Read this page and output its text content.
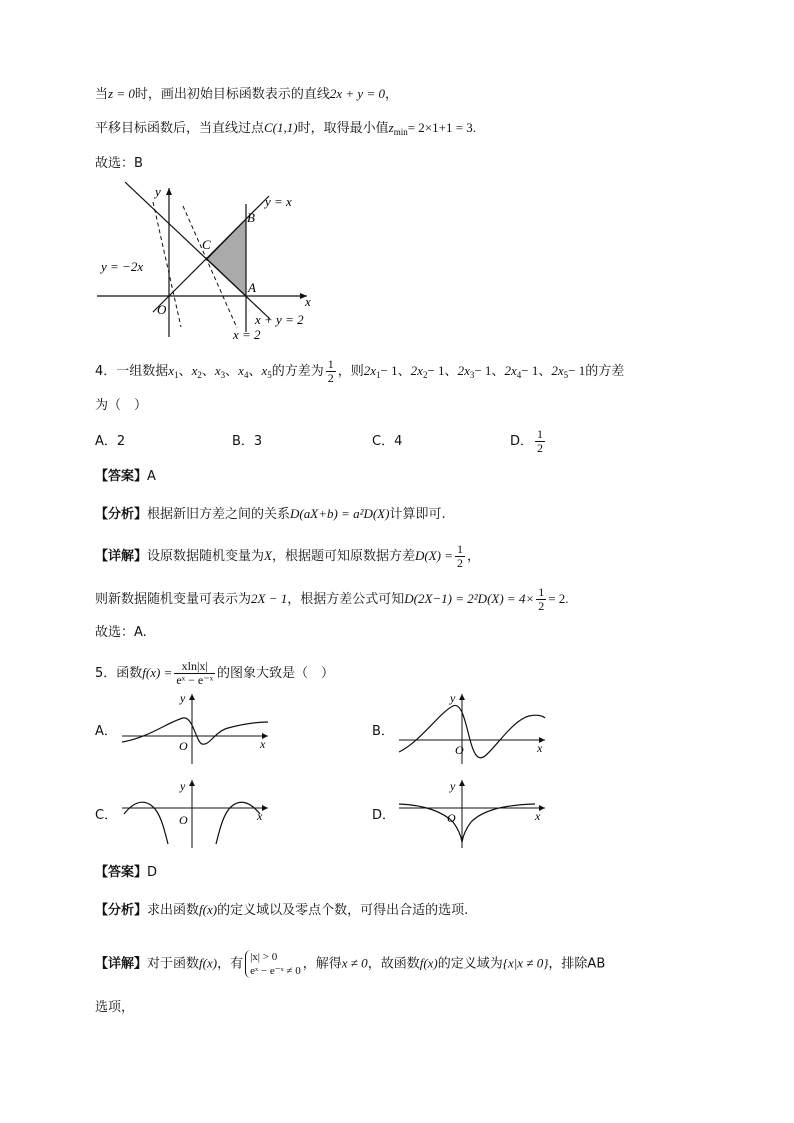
当z = 0时，画出初始目标函数表示的直线2x + y = 0，
平移目标函数后，当直线过点C(1,1)时，取得最小值$z_{min}= 2\times 1+1 = 3$.
故选：B
y
x
O
B
C
A
y = x
y = −2x
x + y = 2
x = 2
4．一组数据$x_1$、$x_2$、$x_3$、$x_4$、$x_5$的方差为 $\frac{1}{2}$ ，则$2x_1- 1$、$2x_2- 1$、$2x_3- 1$、$2x_4- 1$、$2x_5- 1$的方差
为（　）
A．2	B．3	C．4	D． $\frac{1}{2}$
【答案】A
【分析】根据新旧方差之间的关系D(aX+b) = a²D(X)计算即可.
【详解】设原数据随机变量为X，根据题可知原数据方差$D(X) = \frac{1}{2}$ ，
则新数据随机变量可表示为2X − 1，根据方差公式可知$D(2X-1) = 2^2D(X) = 4\times \frac{1}{2} = 2$.
故选：A.
5．函数$f(x) = \frac{xln|x|}{\text{eˣ − e⁻ˣ}}$ 的图象大致是（　）
A．
y
x
O
B．
y
x
O
C．
y
x
O	D．
y
x
O
【答案】D
【分析】求出函数f(x)的定义域以及零点个数，可得出合适的选项.
【详解】对于函数f(x)，有 |x| > 0
eˣ − e⁻ˣ ≠ 0 ，解得x ≠ 0，故函数f(x)的定义域为{x|x ≠ 0}，排除AB
选项，
